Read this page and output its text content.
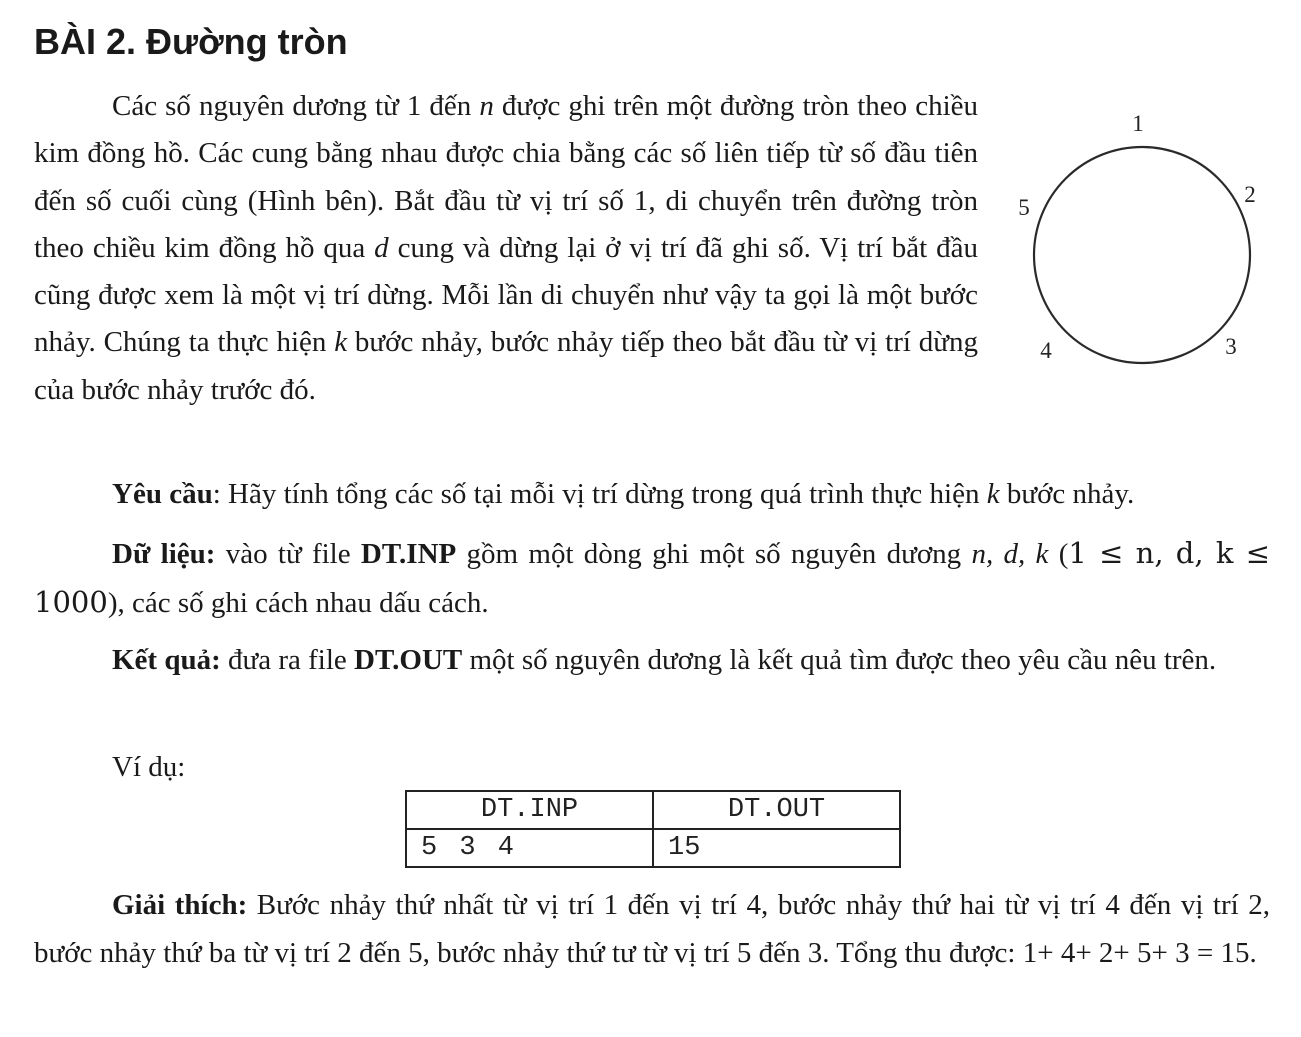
BÀI 2. Đường tròn

Các số nguyên dương từ 1 đến n được ghi trên một đường tròn theo chiều kim đồng hồ. Các cung bằng nhau được chia bằng các số liên tiếp từ số đầu tiên đến số cuối cùng (Hình bên). Bắt đầu từ vị trí số 1, di chuyển trên đường tròn theo chiều kim đồng hồ qua d cung và dừng lại ở vị trí đã ghi số. Vị trí bắt đầu cũng được xem là một vị trí dừng. Mỗi lần di chuyển như vậy ta gọi là một bước nhảy. Chúng ta thực hiện k bước nhảy, bước nhảy tiếp theo bắt đầu từ vị trí dừng của bước nhảy trước đó.

1
2
3
4
5

Yêu cầu: Hãy tính tổng các số tại mỗi vị trí dừng trong quá trình thực hiện k bước nhảy.

Dữ liệu: vào từ file DT.INP gồm một dòng ghi một số nguyên dương n, d, k (1 ≤ n, d, k ≤ 1000), các số ghi cách nhau dấu cách.

Kết quả: đưa ra file DT.OUT một số nguyên dương là kết quả tìm được theo yêu cầu nêu trên.

Ví dụ:

DT.INP	DT.OUT
5 3 4	15

Giải thích: Bước nhảy thứ nhất từ vị trí 1 đến vị trí 4, bước nhảy thứ hai từ vị trí 4 đến vị trí 2, bước nhảy thứ ba từ vị trí 2 đến 5, bước nhảy thứ tư từ vị trí 5 đến 3. Tổng thu được: 1+ 4+ 2+ 5+ 3 = 15.
